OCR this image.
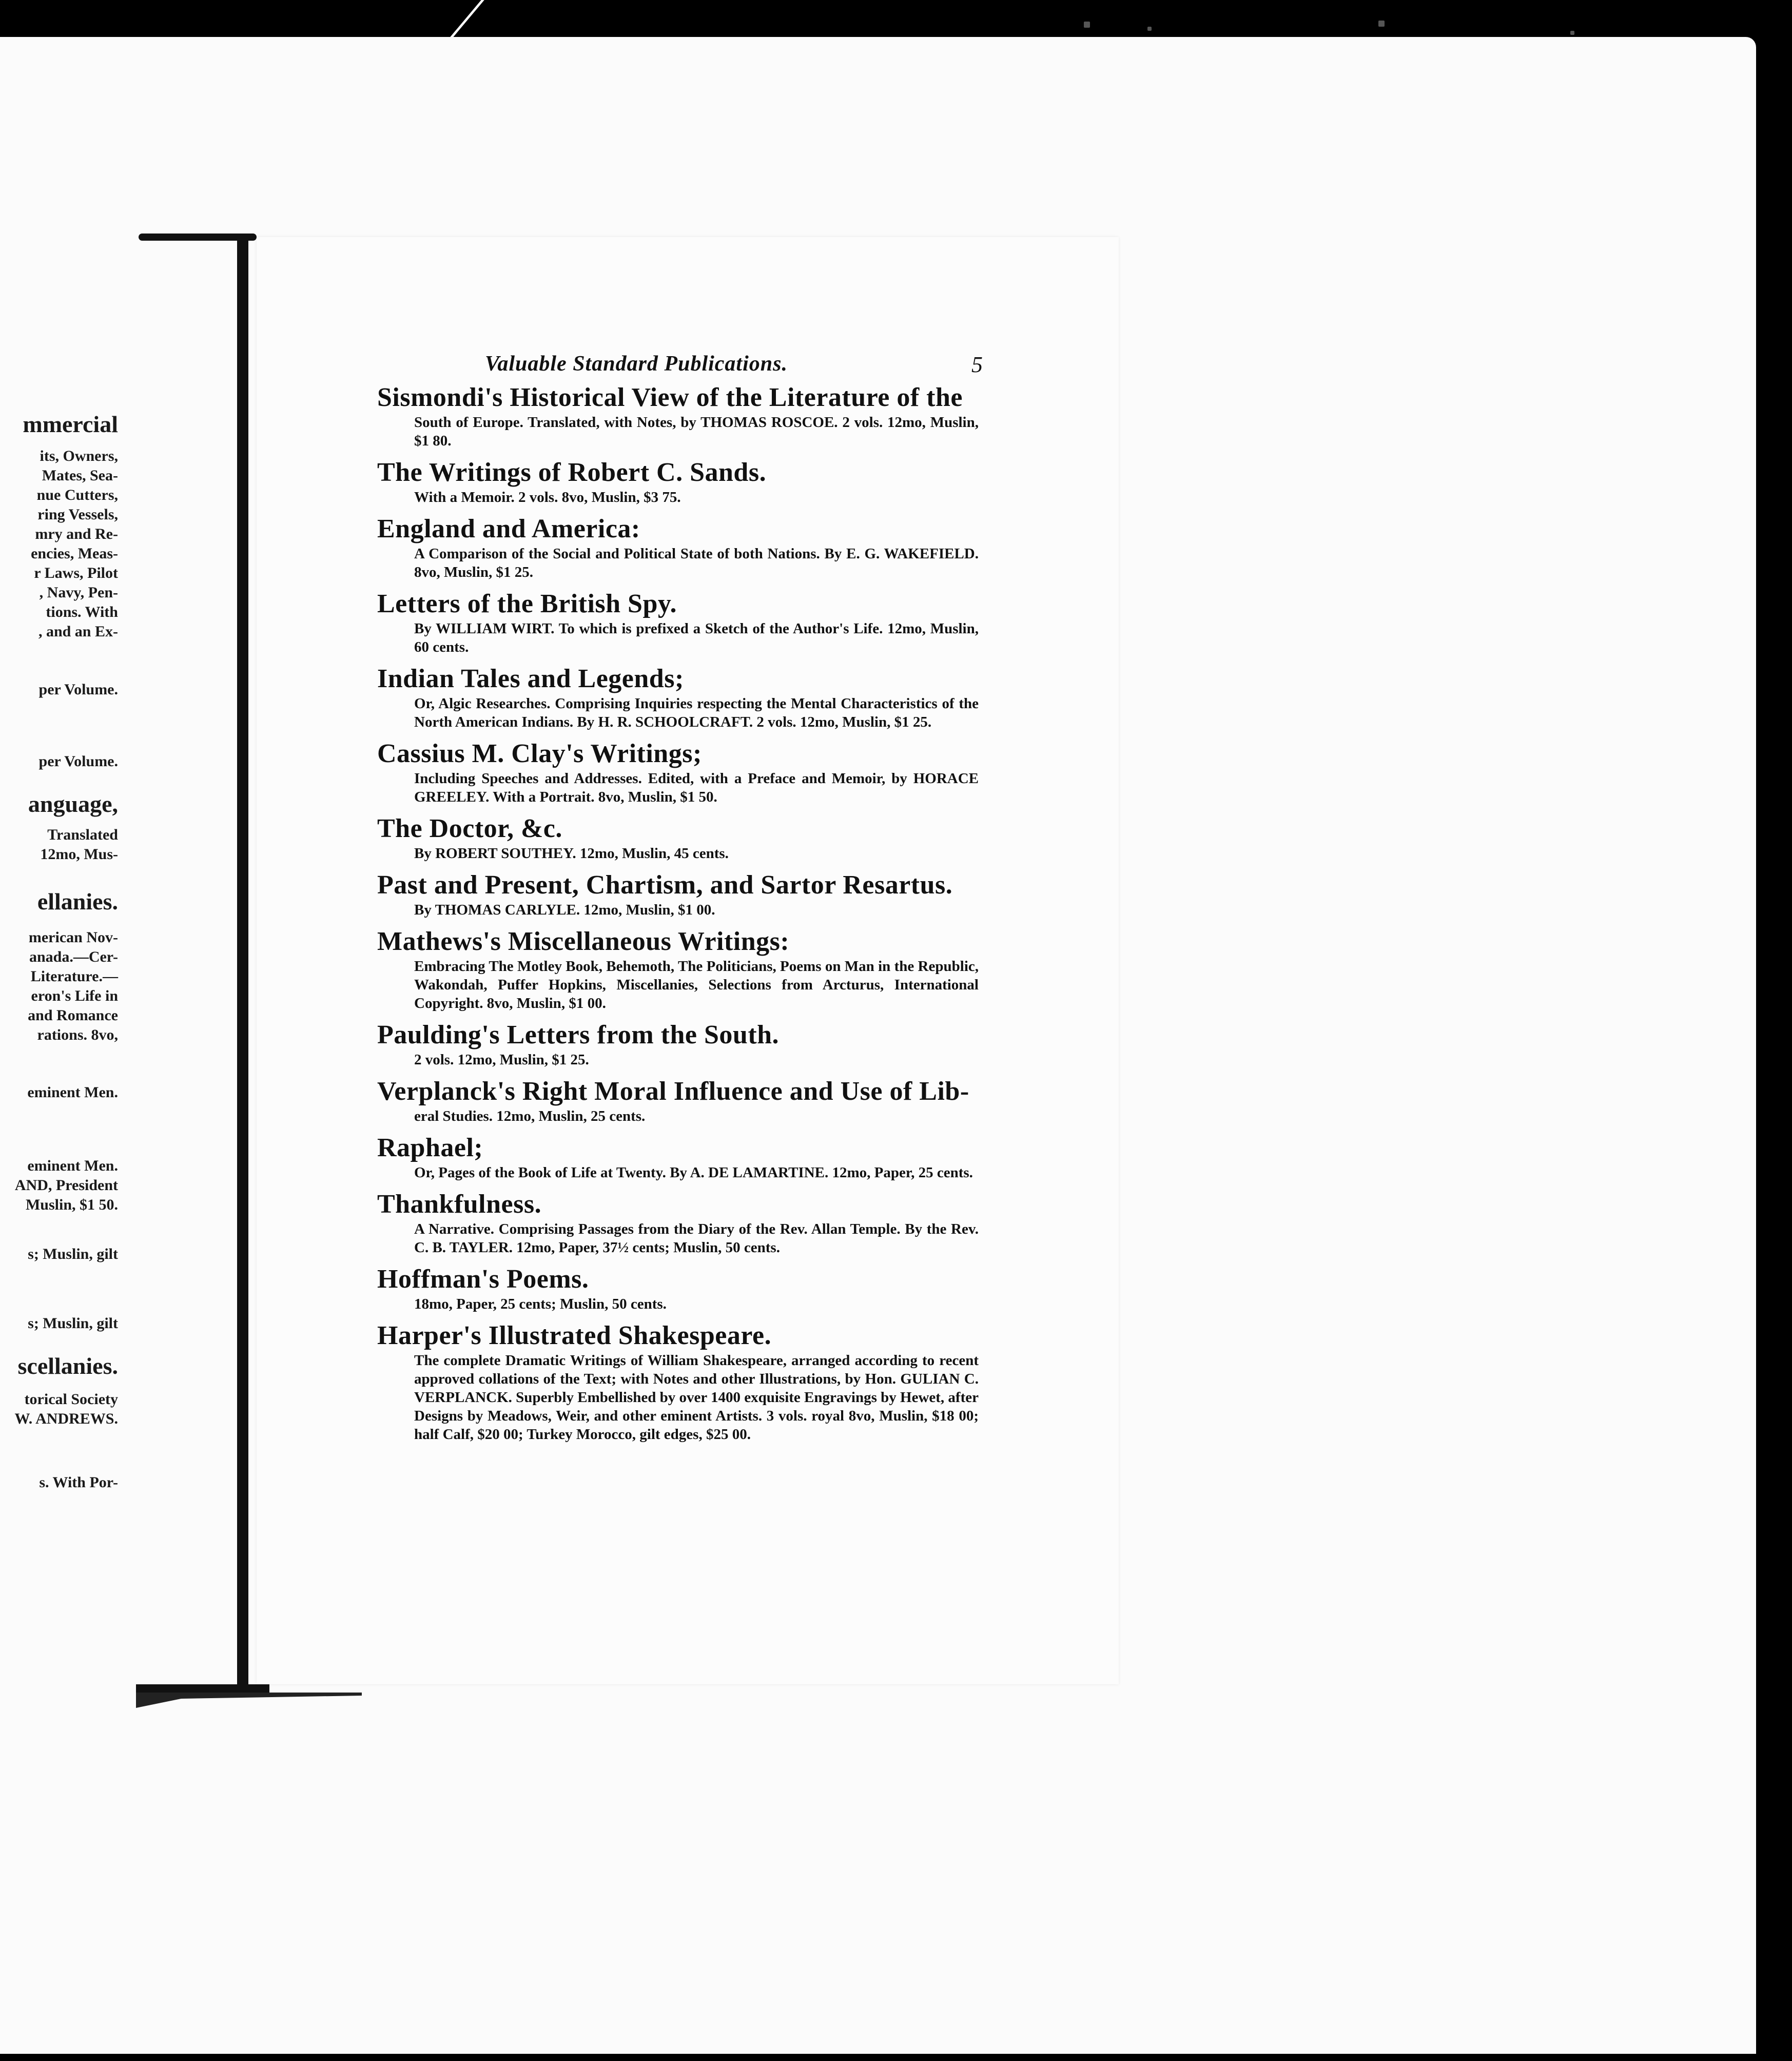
mmercial
its, Owners,
Mates, Sea-
nue Cutters,
ring Vessels,
mry and Re-
encies, Meas-
r Laws, Pilot
, Navy, Pen-
tions. With
, and an Ex-
per Volume.
per Volume.
anguage,
Translated
12mo, Mus-
ellanies.
merican Nov-
anada.—Cer-
Literature.—
eron's Life in
and Romance
rations. 8vo,
eminent Men.
eminent Men.
AND, President
Muslin, $1 50.
s; Muslin, gilt
s; Muslin, gilt
scellanies.
torical Society
W. ANDREWS.
s. With Por-
Valuable Standard Publications.	5
Sismondi's Historical View of the Literature of the
South of Europe. Translated, with Notes, by THOMAS ROSCOE. 2 vols. 12mo, Muslin, $1 80.
The Writings of Robert C. Sands.
With a Memoir. 2 vols. 8vo, Muslin, $3 75.
England and America:
A Comparison of the Social and Political State of both Nations. By E. G. WAKEFIELD. 8vo, Muslin, $1 25.
Letters of the British Spy.
By WILLIAM WIRT. To which is prefixed a Sketch of the Author's Life. 12mo, Muslin, 60 cents.
Indian Tales and Legends;
Or, Algic Researches. Comprising Inquiries respecting the Mental Characteristics of the North American Indians. By H. R. SCHOOLCRAFT. 2 vols. 12mo, Muslin, $1 25.
Cassius M. Clay's Writings;
Including Speeches and Addresses. Edited, with a Preface and Memoir, by HORACE GREELEY. With a Portrait. 8vo, Muslin, $1 50.
The Doctor, &c.
By ROBERT SOUTHEY. 12mo, Muslin, 45 cents.
Past and Present, Chartism, and Sartor Resartus.
By THOMAS CARLYLE. 12mo, Muslin, $1 00.
Mathews's Miscellaneous Writings:
Embracing The Motley Book, Behemoth, The Politicians, Poems on Man in the Republic, Wakondah, Puffer Hopkins, Miscellanies, Selections from Arcturus, International Copyright. 8vo, Muslin, $1 00.
Paulding's Letters from the South.
2 vols. 12mo, Muslin, $1 25.
Verplanck's Right Moral Influence and Use of Lib-
eral Studies. 12mo, Muslin, 25 cents.
Raphael;
Or, Pages of the Book of Life at Twenty. By A. DE LAMARTINE. 12mo, Paper, 25 cents.
Thankfulness.
A Narrative. Comprising Passages from the Diary of the Rev. Allan Temple. By the Rev. C. B. TAYLER. 12mo, Paper, 37½ cents; Muslin, 50 cents.
Hoffman's Poems.
18mo, Paper, 25 cents; Muslin, 50 cents.
Harper's Illustrated Shakespeare.
The complete Dramatic Writings of William Shakespeare, arranged according to recent approved collations of the Text; with Notes and other Illustrations, by Hon. GULIAN C. VERPLANCK. Superbly Embellished by over 1400 exquisite Engravings by Hewet, after Designs by Meadows, Weir, and other eminent Artists. 3 vols. royal 8vo, Muslin, $18 00; half Calf, $20 00; Turkey Morocco, gilt edges, $25 00.
